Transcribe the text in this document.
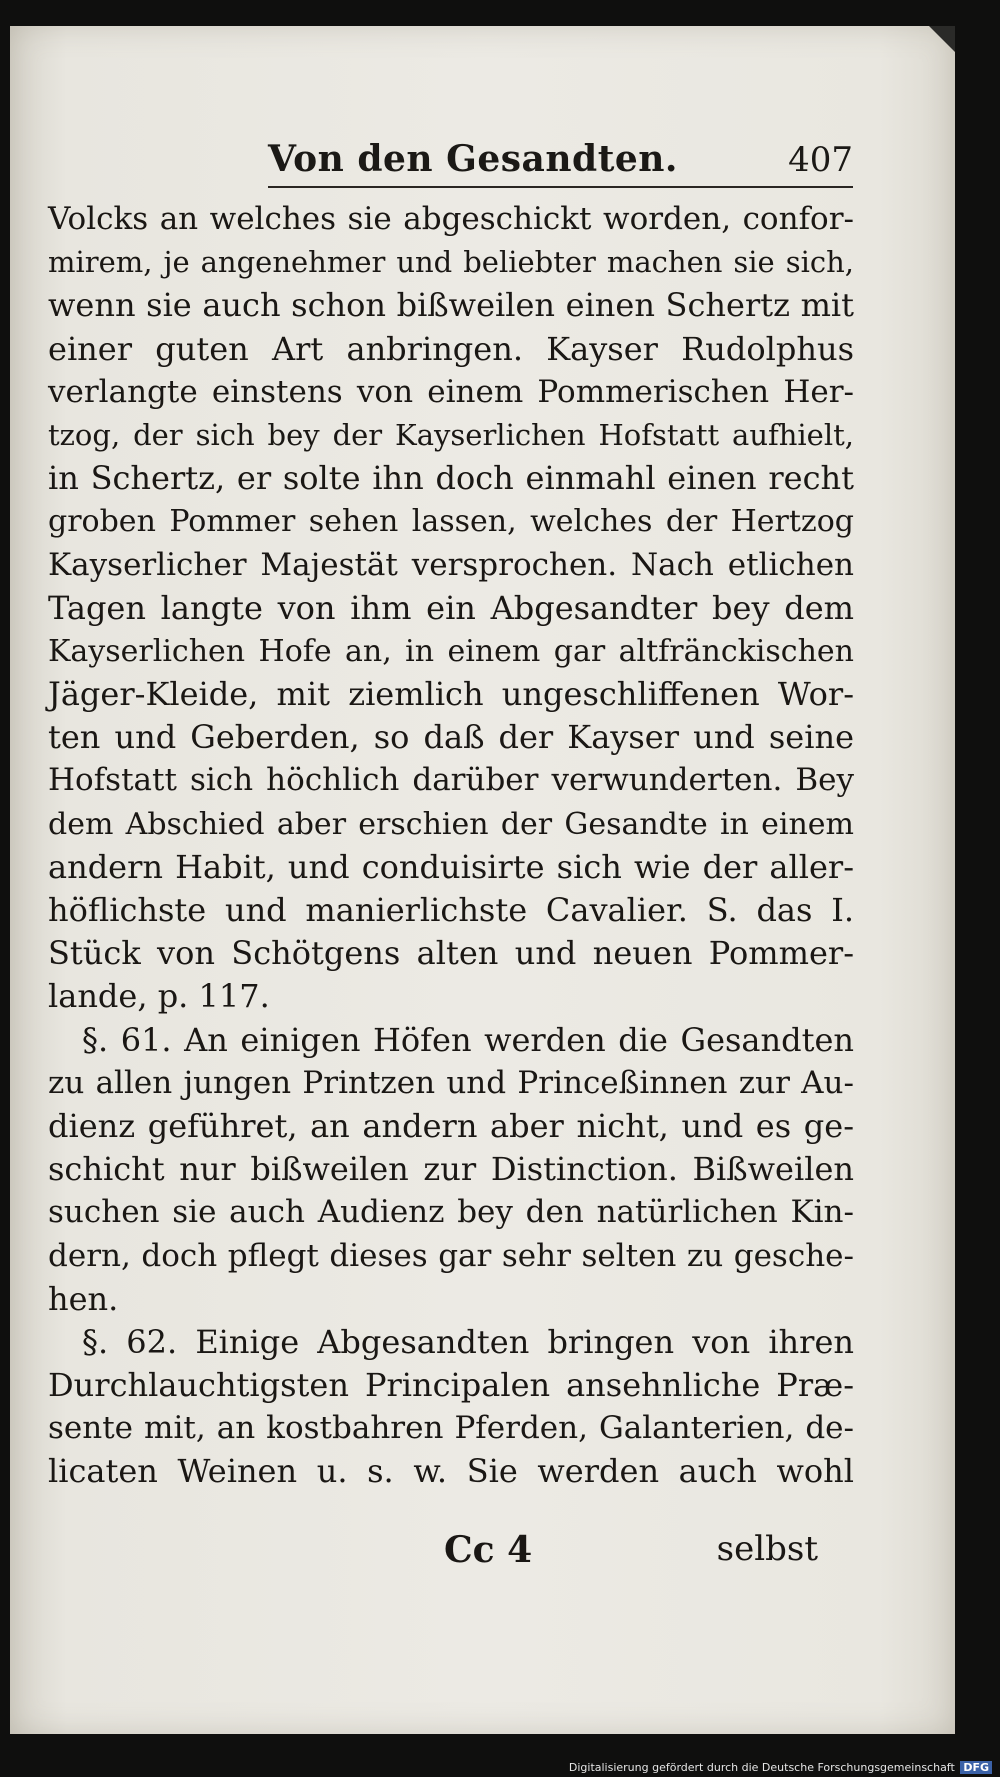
Von den Gesandten.	407
Volcks an welches sie abgeschickt worden, confor-
mirem, je angenehmer und beliebter machen sie sich,
wenn sie auch schon bißweilen einen Schertz mit
einer guten Art anbringen. Kayser Rudolphus
verlangte einstens von einem Pommerischen Her-
tzog, der sich bey der Kayserlichen Hofstatt aufhielt,
in Schertz, er solte ihn doch einmahl einen recht
groben Pommer sehen lassen, welches der Hertzog
Kayserlicher Majestät versprochen. Nach etlichen
Tagen langte von ihm ein Abgesandter bey dem
Kayserlichen Hofe an, in einem gar altfränckischen
Jäger-Kleide, mit ziemlich ungeschliffenen Wor-
ten und Geberden, so daß der Kayser und seine
Hofstatt sich höchlich darüber verwunderten. Bey
dem Abschied aber erschien der Gesandte in einem
andern Habit, und conduisirte sich wie der aller-
höflichste und manierlichste Cavalier. S. das I.
Stück von Schötgens alten und neuen Pommer-
lande, p. 117.
§. 61. An einigen Höfen werden die Gesandten
zu allen jungen Printzen und Princeßinnen zur Au-
dienz geführet, an andern aber nicht, und es ge-
schicht nur bißweilen zur Distinction. Bißweilen
suchen sie auch Audienz bey den natürlichen Kin-
dern, doch pflegt dieses gar sehr selten zu gesche-
hen.
§. 62. Einige Abgesandten bringen von ihren
Durchlauchtigsten Principalen ansehnliche Præ-
sente mit, an kostbahren Pferden, Galanterien, de-
licaten Weinen u. s. w. Sie werden auch wohl
Cc 4	selbst
Digitalisierung gefördert durch die Deutsche Forschungsgemeinschaft DFG
